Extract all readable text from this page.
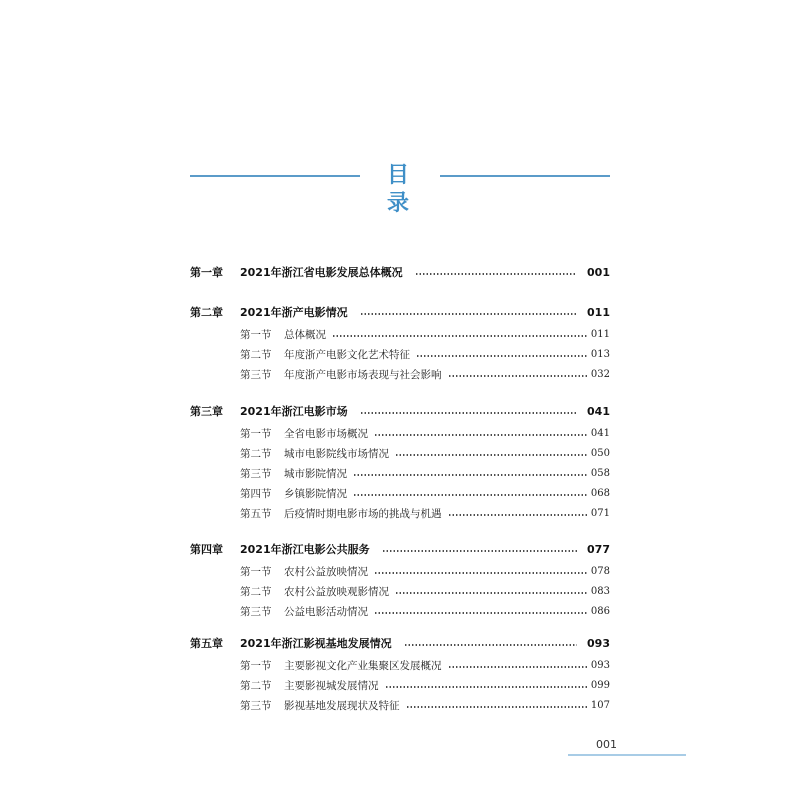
目 录
第一章	2021年浙江省电影发展总体概况	001
第二章	2021年浙产电影情况	011
第一节	总体概况	011
第二节	年度浙产电影文化艺术特征	013
第三节	年度浙产电影市场表现与社会影响	032
第三章	2021年浙江电影市场	041
第一节	全省电影市场概况	041
第二节	城市电影院线市场情况	050
第三节	城市影院情况	058
第四节	乡镇影院情况	068
第五节	后疫情时期电影市场的挑战与机遇	071
第四章	2021年浙江电影公共服务	077
第一节	农村公益放映情况	078
第二节	农村公益放映观影情况	083
第三节	公益电影活动情况	086
第五章	2021年浙江影视基地发展情况	093
第一节	主要影视文化产业集聚区发展概况	093
第二节	主要影视城发展情况	099
第三节	影视基地发展现状及特征	107
001
